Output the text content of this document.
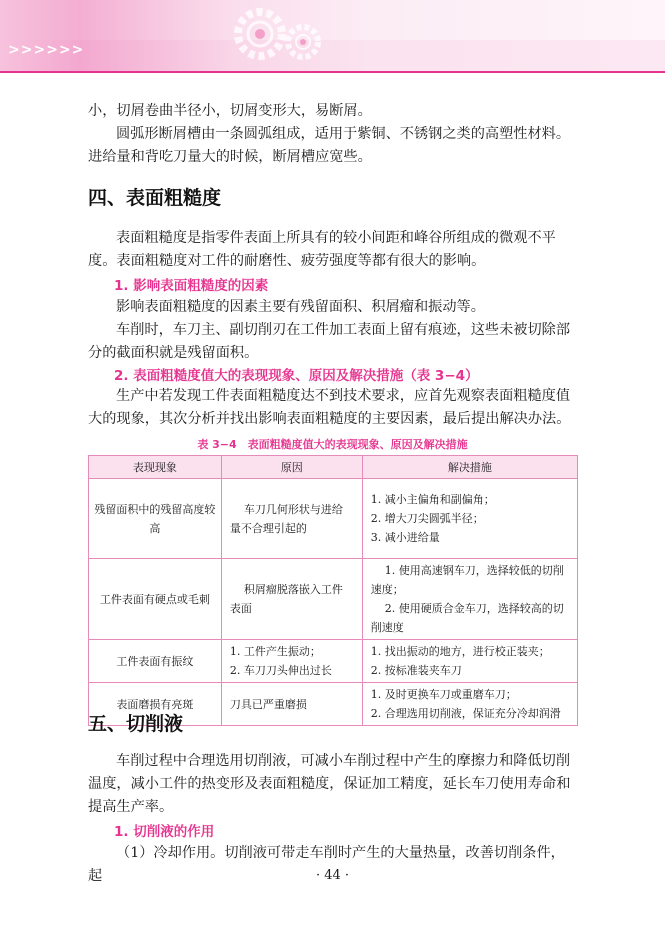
>>>>>>

小，切屑卷曲半径小，切屑变形大，易断屑。

圆弧形断屑槽由一条圆弧组成，适用于紫铜、不锈钢之类的高塑性材料。进给量和背吃刀量大的时候，断屑槽应宽些。

四、表面粗糙度

表面粗糙度是指零件表面上所具有的较小间距和峰谷所组成的微观不平度。表面粗糙度对工件的耐磨性、疲劳强度等都有很大的影响。

1. 影响表面粗糙度的因素

影响表面粗糙度的因素主要有残留面积、积屑瘤和振动等。

车削时，车刀主、副切削刃在工件加工表面上留有痕迹，这些未被切除部分的截面积就是残留面积。

2. 表面粗糙度值大的表现现象、原因及解决措施（表 3−4）

生产中若发现工件表面粗糙度达不到技术要求，应首先观察表面粗糙度值大的现象，其次分析并找出影响表面粗糙度的主要因素，最后提出解决办法。

表 3−4　表面粗糙度值大的表现现象、原因及解决措施
表现现象	原因	解决措施
残留面积中的残留高度较高	车刀几何形状与进给量不合理引起的	1. 减小主偏角和副偏角；
2. 增大刀尖圆弧半径；
3. 减小进给量

工件表面有硬点或毛刺	积屑瘤脱落嵌入工件表面	1. 使用高速钢车刀，选择较低的切削速度；
2. 使用硬质合金车刀，选择较高的切削速度

工件表面有振纹	1. 工件产生振动；
2. 车刀刀头伸出过长	1. 找出振动的地方，进行校正装夹；
2. 按标准装夹车刀

表面磨损有亮斑	刀具已严重磨损	1. 及时更换车刀或重磨车刀；
2. 合理选用切削液，保证充分冷却润滑
五、切削液

车削过程中合理选用切削液，可减小车削过程中产生的摩擦力和降低切削温度，减小工件的热变形及表面粗糙度，保证加工精度，延长车刀使用寿命和提高生产率。

1. 切削液的作用

（1）冷却作用。切削液可带走车削时产生的大量热量，改善切削条件，起	· 44 ·
